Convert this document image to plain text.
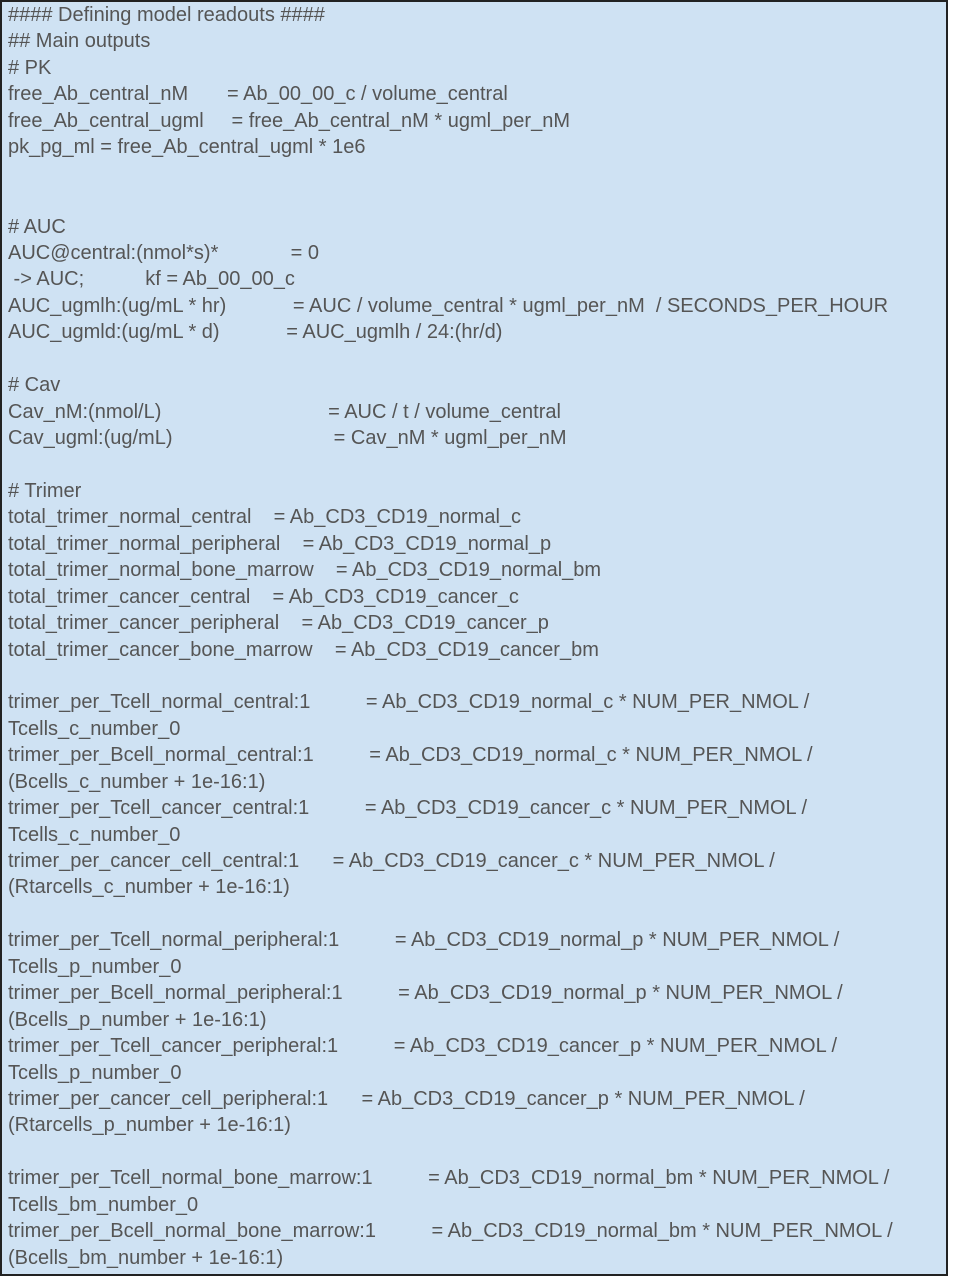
#### Defining model readouts ####
## Main outputs
# PK
free_Ab_central_nM       = Ab_00_00_c / volume_central
free_Ab_central_ugml     = free_Ab_central_nM * ugml_per_nM
pk_pg_ml = free_Ab_central_ugml * 1e6

# AUC
AUC@central:(nmol*s)*             = 0
-> AUC;           kf = Ab_00_00_c
AUC_ugmlh:(ug/mL * hr)            = AUC / volume_central * ugml_per_nM  / SECONDS_PER_HOUR
AUC_ugmld:(ug/mL * d)            = AUC_ugmlh / 24:(hr/d)

# Cav
Cav_nM:(nmol/L)                              = AUC / t / volume_central
Cav_ugml:(ug/mL)                             = Cav_nM * ugml_per_nM

# Trimer
total_trimer_normal_central    = Ab_CD3_CD19_normal_c
total_trimer_normal_peripheral    = Ab_CD3_CD19_normal_p
total_trimer_normal_bone_marrow    = Ab_CD3_CD19_normal_bm
total_trimer_cancer_central    = Ab_CD3_CD19_cancer_c
total_trimer_cancer_peripheral    = Ab_CD3_CD19_cancer_p
total_trimer_cancer_bone_marrow    = Ab_CD3_CD19_cancer_bm

trimer_per_Tcell_normal_central:1          = Ab_CD3_CD19_normal_c * NUM_PER_NMOL /
Tcells_c_number_0
trimer_per_Bcell_normal_central:1          = Ab_CD3_CD19_normal_c * NUM_PER_NMOL /
(Bcells_c_number + 1e-16:1)
trimer_per_Tcell_cancer_central:1          = Ab_CD3_CD19_cancer_c * NUM_PER_NMOL /
Tcells_c_number_0
trimer_per_cancer_cell_central:1      = Ab_CD3_CD19_cancer_c * NUM_PER_NMOL /
(Rtarcells_c_number + 1e-16:1)

trimer_per_Tcell_normal_peripheral:1          = Ab_CD3_CD19_normal_p * NUM_PER_NMOL /
Tcells_p_number_0
trimer_per_Bcell_normal_peripheral:1          = Ab_CD3_CD19_normal_p * NUM_PER_NMOL /
(Bcells_p_number + 1e-16:1)
trimer_per_Tcell_cancer_peripheral:1          = Ab_CD3_CD19_cancer_p * NUM_PER_NMOL /
Tcells_p_number_0
trimer_per_cancer_cell_peripheral:1      = Ab_CD3_CD19_cancer_p * NUM_PER_NMOL /
(Rtarcells_p_number + 1e-16:1)

trimer_per_Tcell_normal_bone_marrow:1          = Ab_CD3_CD19_normal_bm * NUM_PER_NMOL /
Tcells_bm_number_0
trimer_per_Bcell_normal_bone_marrow:1          = Ab_CD3_CD19_normal_bm * NUM_PER_NMOL /
(Bcells_bm_number + 1e-16:1)
